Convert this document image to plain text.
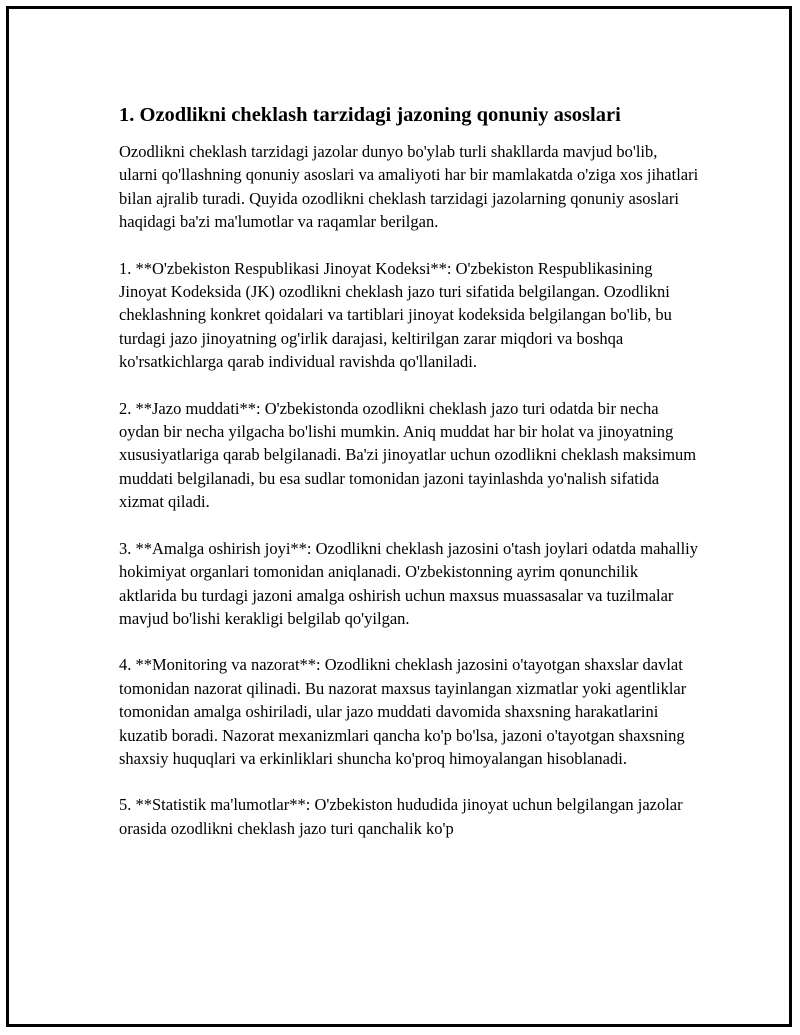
1. Ozodlikni cheklash tarzidagi jazoning qonuniy asoslari

Ozodlikni cheklash tarzidagi jazolar dunyo bo'ylab turli shakllarda mavjud bo'lib, ularni qo'llashning qonuniy asoslari va amaliyoti har bir mamlakatda o'ziga xos jihatlari bilan ajralib turadi. Quyida ozodlikni cheklash tarzidagi jazolarning qonuniy asoslari haqidagi ba'zi ma'lumotlar va raqamlar berilgan.

1. **O'zbekiston Respublikasi Jinoyat Kodeksi**: O'zbekiston Respublikasining Jinoyat Kodeksida (JK) ozodlikni cheklash jazo turi sifatida belgilangan. Ozodlikni cheklashning konkret qoidalari va tartiblari jinoyat kodeksida belgilangan bo'lib, bu turdagi jazo jinoyatning og'irlik darajasi, keltirilgan zarar miqdori va boshqa ko'rsatkichlarga qarab individual ravishda qo'llaniladi.

2. **Jazo muddati**: O'zbekistonda ozodlikni cheklash jazo turi odatda bir necha oydan bir necha yilgacha bo'lishi mumkin. Aniq muddat har bir holat va jinoyatning xususiyatlariga qarab belgilanadi. Ba'zi jinoyatlar uchun ozodlikni cheklash maksimum muddati belgilanadi, bu esa sudlar tomonidan jazoni tayinlashda yo'nalish sifatida xizmat qiladi.

3. **Amalga oshirish joyi**: Ozodlikni cheklash jazosini o'tash joylari odatda mahalliy hokimiyat organlari tomonidan aniqlanadi. O'zbekistonning ayrim qonunchilik aktlarida bu turdagi jazoni amalga oshirish uchun maxsus muassasalar va tuzilmalar mavjud bo'lishi kerakligi belgilab qo'yilgan.

4. **Monitoring va nazorat**: Ozodlikni cheklash jazosini o'tayotgan shaxslar davlat tomonidan nazorat qilinadi. Bu nazorat maxsus tayinlangan xizmatlar yoki agentliklar tomonidan amalga oshiriladi, ular jazo muddati davomida shaxsning harakatlarini kuzatib boradi. Nazorat mexanizmlari qancha ko'p bo'lsa, jazoni o'tayotgan shaxsning shaxsiy huquqlari va erkinliklari shuncha ko'proq himoyalangan hisoblanadi.

5. **Statistik ma'lumotlar**: O'zbekiston hududida jinoyat uchun belgilangan jazolar orasida ozodlikni cheklash jazo turi qanchalik ko'p
